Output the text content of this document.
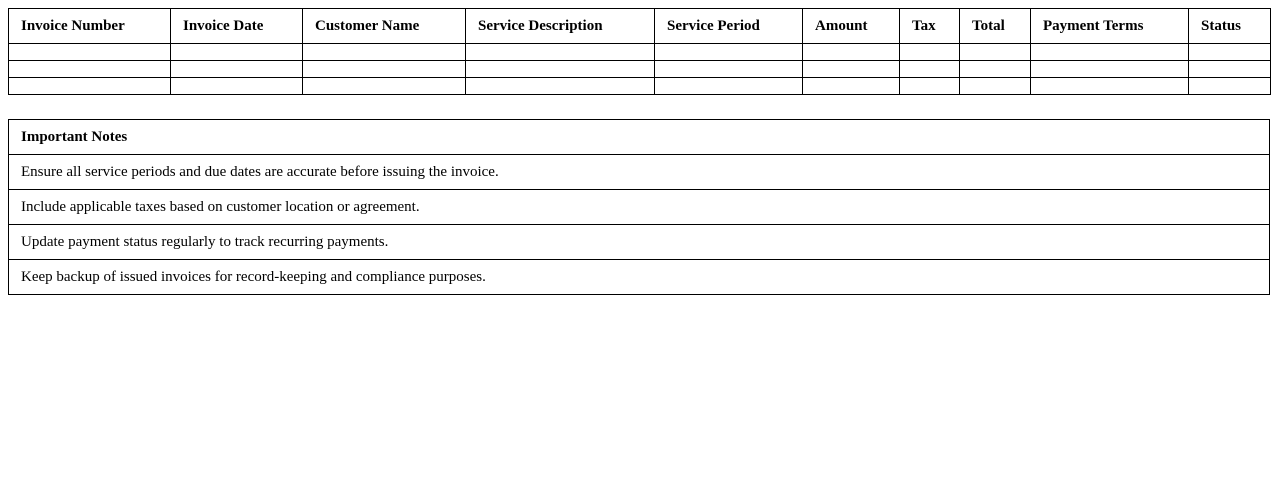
Invoice Number	Invoice Date	Customer Name	Service Description	Service Period	Amount	Tax	Total	Payment Terms	Status

Important Notes
Ensure all service periods and due dates are accurate before issuing the invoice.
Include applicable taxes based on customer location or agreement.
Update payment status regularly to track recurring payments.
Keep backup of issued invoices for record-keeping and compliance purposes.
